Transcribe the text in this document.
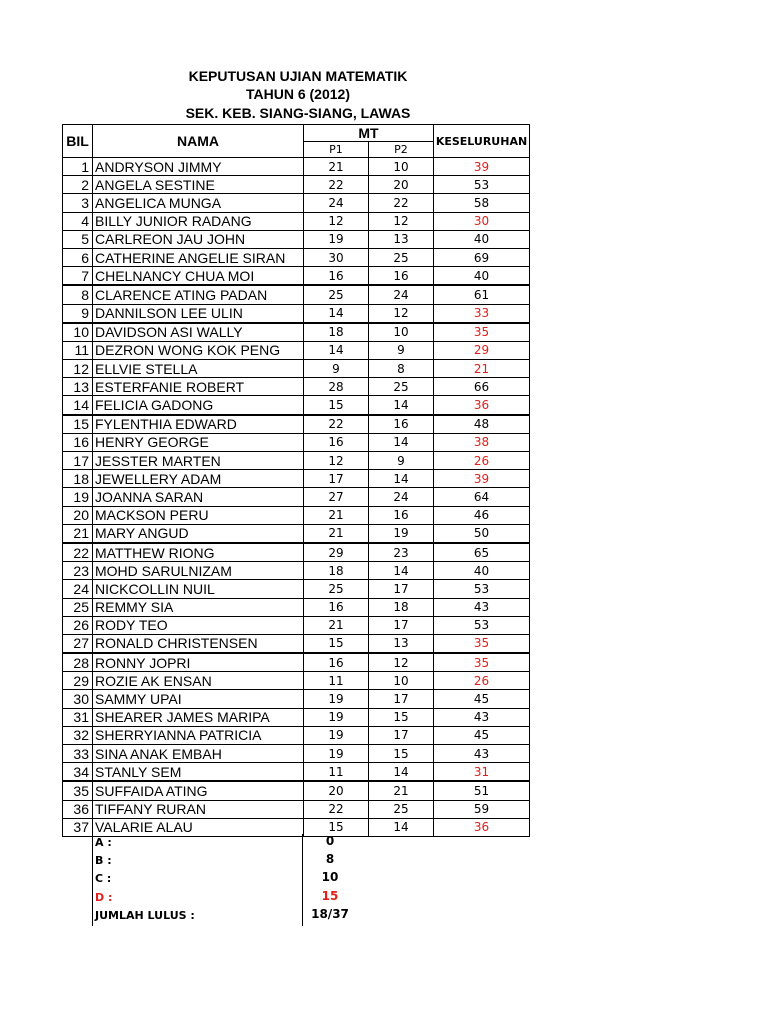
KEPUTUSAN UJIAN MATEMATIK
TAHUN 6 (2012)
SEK. KEB. SIANG-SIANG, LAWAS
BIL	NAMA	MT		KESELURUHAN
		P1	P2	
1	ANDRYSON JIMMY	21	10	39
2	ANGELA SESTINE	22	20	53
3	ANGELICA MUNGA	24	22	58
4	BILLY JUNIOR RADANG	12	12	30
5	CARLREON JAU JOHN	19	13	40
6	CATHERINE ANGELIE SIRAN	30	25	69
7	CHELNANCY CHUA MOI	16	16	40
8	CLARENCE ATING PADAN	25	24	61
9	DANNILSON LEE ULIN	14	12	33
10	DAVIDSON ASI WALLY	18	10	35
11	DEZRON WONG KOK PENG	14	9	29
12	ELLVIE STELLA	9	8	21
13	ESTERFANIE ROBERT	28	25	66
14	FELICIA GADONG	15	14	36
15	FYLENTHIA EDWARD	22	16	48
16	HENRY GEORGE	16	14	38
17	JESSTER MARTEN	12	9	26
18	JEWELLERY ADAM	17	14	39
19	JOANNA SARAN	27	24	64
20	MACKSON PERU	21	16	46
21	MARY ANGUD	21	19	50
22	MATTHEW RIONG	29	23	65
23	MOHD SARULNIZAM	18	14	40
24	NICKCOLLIN NUIL	25	17	53
25	REMMY SIA	16	18	43
26	RODY TEO	21	17	53
27	RONALD CHRISTENSEN	15	13	35
28	RONNY JOPRI	16	12	35
29	ROZIE AK ENSAN	11	10	26
30	SAMMY UPAI	19	17	45
31	SHEARER JAMES MARIPA	19	15	43
32	SHERRYIANNA PATRICIA	19	17	45
33	SINA ANAK EMBAH	19	15	43
34	STANLY SEM	11	14	31
35	SUFFAIDA ATING	20	21	51
36	TIFFANY RURAN	22	25	59
37	VALARIE ALAU	15	14	36
A :	0
B :	8
C :	10
D :	15
JUMLAH LULUS :	18/37
